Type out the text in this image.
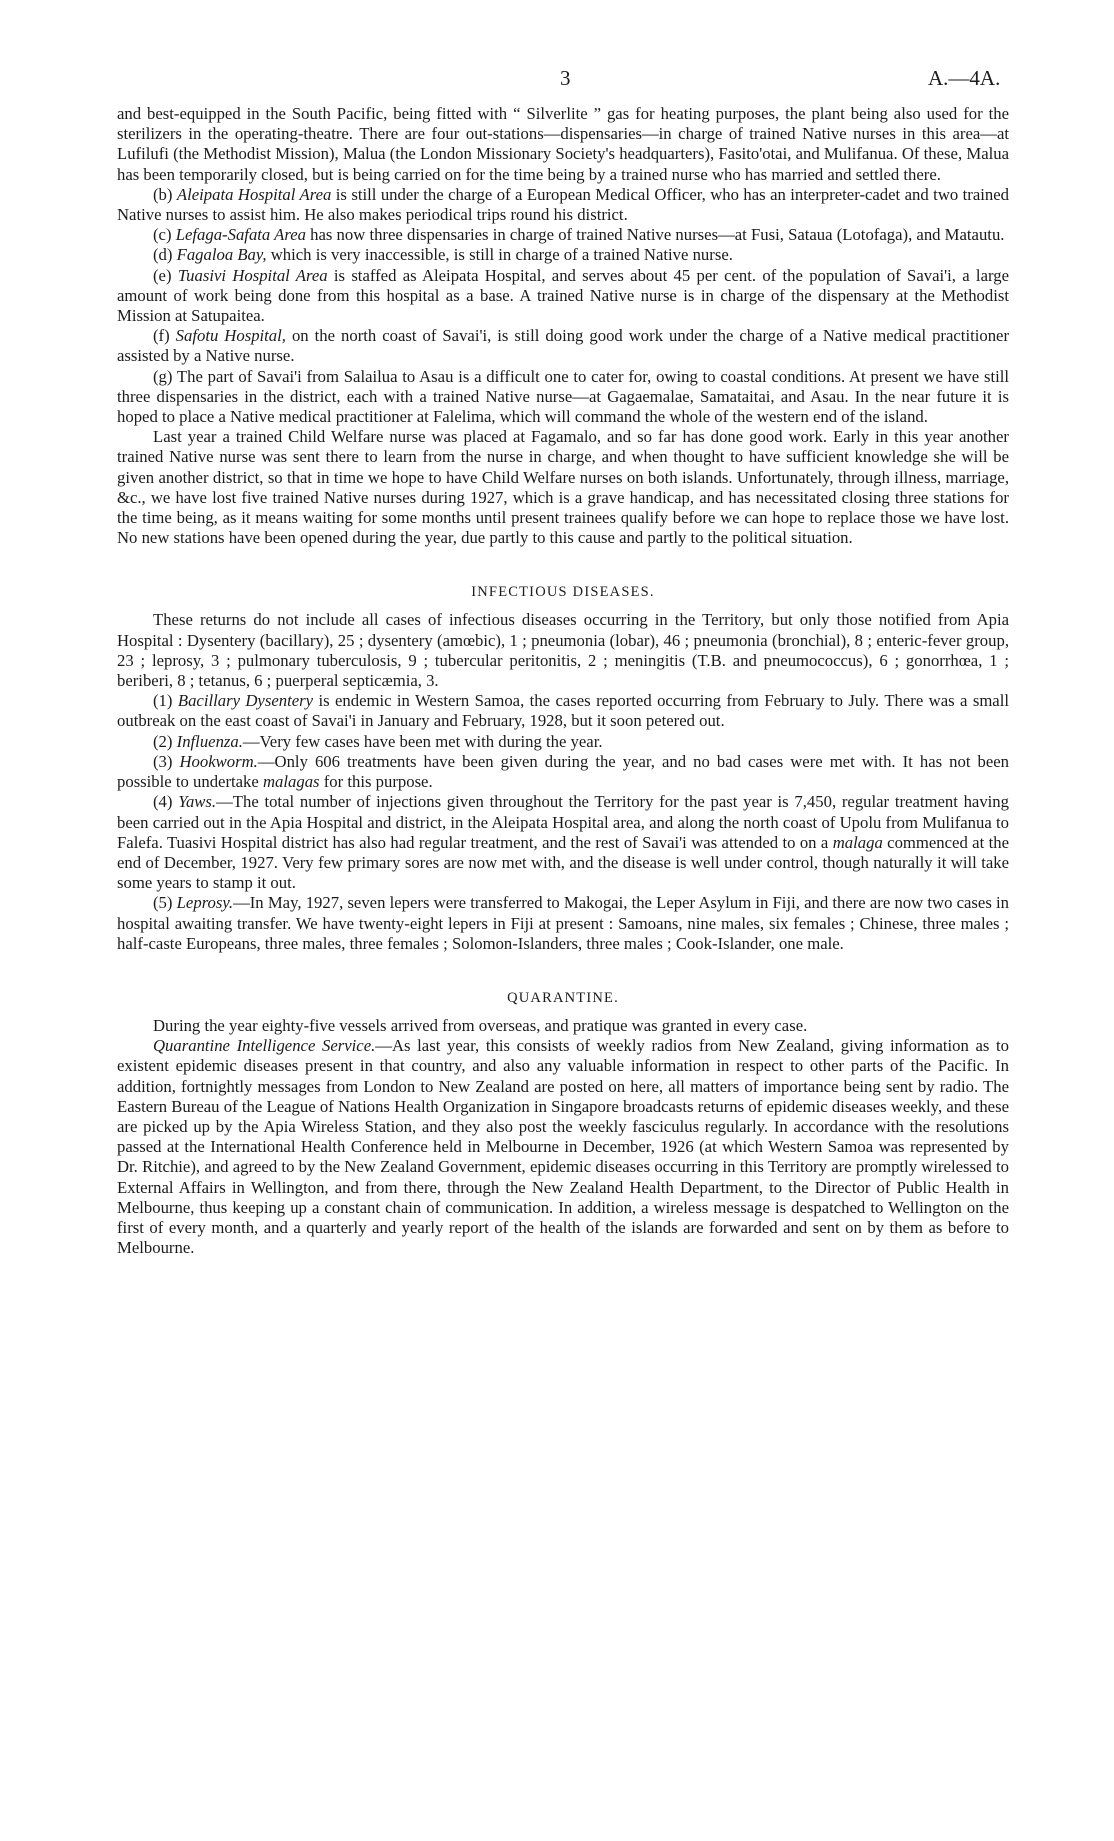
3	A.—4A.

and best-equipped in the South Pacific, being fitted with “ Silverlite ” gas for heating purposes, the plant being also used for the sterilizers in the operating-theatre. There are four out-stations—dispensaries—in charge of trained Native nurses in this area—at Lufilufi (the Methodist Mission), Malua (the London Missionary Society's headquarters), Fasito'otai, and Mulifanua. Of these, Malua has been temporarily closed, but is being carried on for the time being by a trained nurse who has married and settled there.

(b) Aleipata Hospital Area is still under the charge of a European Medical Officer, who has an interpreter-cadet and two trained Native nurses to assist him. He also makes periodical trips round his district.

(c) Lefaga-Safata Area has now three dispensaries in charge of trained Native nurses—at Fusi, Sataua (Lotofaga), and Matautu.

(d) Fagaloa Bay, which is very inaccessible, is still in charge of a trained Native nurse.

(e) Tuasivi Hospital Area is staffed as Aleipata Hospital, and serves about 45 per cent. of the population of Savai'i, a large amount of work being done from this hospital as a base. A trained Native nurse is in charge of the dispensary at the Methodist Mission at Satupaitea.

(f) Safotu Hospital, on the north coast of Savai'i, is still doing good work under the charge of a Native medical practitioner assisted by a Native nurse.

(g) The part of Savai'i from Salailua to Asau is a difficult one to cater for, owing to coastal conditions. At present we have still three dispensaries in the district, each with a trained Native nurse—at Gagaemalae, Samataitai, and Asau. In the near future it is hoped to place a Native medical practitioner at Falelima, which will command the whole of the western end of the island.

Last year a trained Child Welfare nurse was placed at Fagamalo, and so far has done good work. Early in this year another trained Native nurse was sent there to learn from the nurse in charge, and when thought to have sufficient knowledge she will be given another district, so that in time we hope to have Child Welfare nurses on both islands. Unfortunately, through illness, marriage, &c., we have lost five trained Native nurses during 1927, which is a grave handicap, and has necessitated closing three stations for the time being, as it means waiting for some months until present trainees qualify before we can hope to replace those we have lost. No new stations have been opened during the year, due partly to this cause and partly to the political situation.

INFECTIOUS DISEASES.

These returns do not include all cases of infectious diseases occurring in the Territory, but only those notified from Apia Hospital : Dysentery (bacillary), 25 ; dysentery (amœbic), 1 ; pneumonia (lobar), 46 ; pneumonia (bronchial), 8 ; enteric-fever group, 23 ; leprosy, 3 ; pulmonary tuberculosis, 9 ; tubercular peritonitis, 2 ; meningitis (T.B. and pneumococcus), 6 ; gonorrhœa, 1 ; beriberi, 8 ; tetanus, 6 ; puerperal septicæmia, 3.

(1) Bacillary Dysentery is endemic in Western Samoa, the cases reported occurring from February to July. There was a small outbreak on the east coast of Savai'i in January and February, 1928, but it soon petered out.

(2) Influenza.—Very few cases have been met with during the year.

(3) Hookworm.—Only 606 treatments have been given during the year, and no bad cases were met with. It has not been possible to undertake malagas for this purpose.

(4) Yaws.—The total number of injections given throughout the Territory for the past year is 7,450, regular treatment having been carried out in the Apia Hospital and district, in the Aleipata Hospital area, and along the north coast of Upolu from Mulifanua to Falefa. Tuasivi Hospital district has also had regular treatment, and the rest of Savai'i was attended to on a malaga commenced at the end of December, 1927. Very few primary sores are now met with, and the disease is well under control, though naturally it will take some years to stamp it out.

(5) Leprosy.—In May, 1927, seven lepers were transferred to Makogai, the Leper Asylum in Fiji, and there are now two cases in hospital awaiting transfer. We have twenty-eight lepers in Fiji at present : Samoans, nine males, six females ; Chinese, three males ; half-caste Europeans, three males, three females ; Solomon-Islanders, three males ; Cook-Islander, one male.

QUARANTINE.

During the year eighty-five vessels arrived from overseas, and pratique was granted in every case.

Quarantine Intelligence Service.—As last year, this consists of weekly radios from New Zealand, giving information as to existent epidemic diseases present in that country, and also any valuable information in respect to other parts of the Pacific. In addition, fortnightly messages from London to New Zealand are posted on here, all matters of importance being sent by radio. The Eastern Bureau of the League of Nations Health Organization in Singapore broadcasts returns of epidemic diseases weekly, and these are picked up by the Apia Wireless Station, and they also post the weekly fasciculus regularly. In accordance with the resolutions passed at the International Health Conference held in Melbourne in December, 1926 (at which Western Samoa was represented by Dr. Ritchie), and agreed to by the New Zealand Government, epidemic diseases occurring in this Territory are promptly wirelessed to External Affairs in Wellington, and from there, through the New Zealand Health Department, to the Director of Public Health in Melbourne, thus keeping up a constant chain of communication. In addition, a wireless message is despatched to Wellington on the first of every month, and a quarterly and yearly report of the health of the islands are forwarded and sent on by them as before to Melbourne.
